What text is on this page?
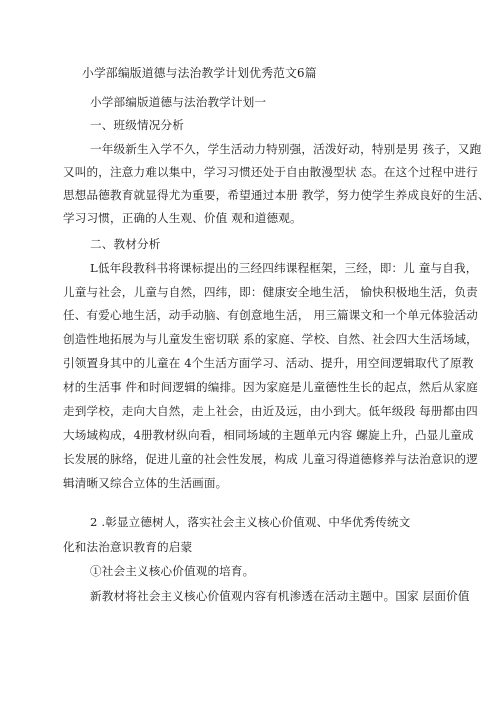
小学部编版道德与法治教学计划优秀范文6篇
小学部编版道德与法治教学计划一
一、班级情况分析
一年级新生入学不久，学生活动力特别强，活泼好动，特别是男 孩子，又跑
又叫的，注意力难以集中，学习习惯还处于自由散漫型状 态。在这个过程中进行
思想品德教育就显得尤为重要，希望通过本册 教学，努力使学生养成良好的生活、
学习习惯，正确的人生观、价值 观和道德观。
二、教材分析
L低年段教科书将课标提出的三经四纬课程框架，三经，即：儿 童与自我，
儿童与社会，儿童与自然，四纬，即：健康安全地生活， 愉快积极地生活，负责
任、有爱心地生活，动手动脑、有创意地生活， 用三篇课文和一个单元体验活动
创造性地拓展为与儿童发生密切联 系的家庭、学校、自然、社会四大生活场域，
引领置身其中的儿童在 4个生活方面学习、活动、提升，用空间逻辑取代了原教
材的生活事 件和时间逻辑的编排。因为家庭是儿童德性生长的起点，然后从家庭
走到学校，走向大自然，走上社会，由近及远，由小到大。低年级段 每册都由四
大场域构成，4册教材纵向看，相同场域的主题单元内容 螺旋上升，凸显儿童成
长发展的脉络，促进儿童的社会性发展，构成 儿童习得道德修养与法治意识的逻
辑清晰又综合立体的生活画面。
2 .彰显立德树人，落实社会主义核心价值观、中华优秀传统文
化和法治意识教育的启蒙
①社会主义核心价值观的培育。
新教材将社会主义核心价值观内容有机渗透在活动主题中。国家 层面价值
